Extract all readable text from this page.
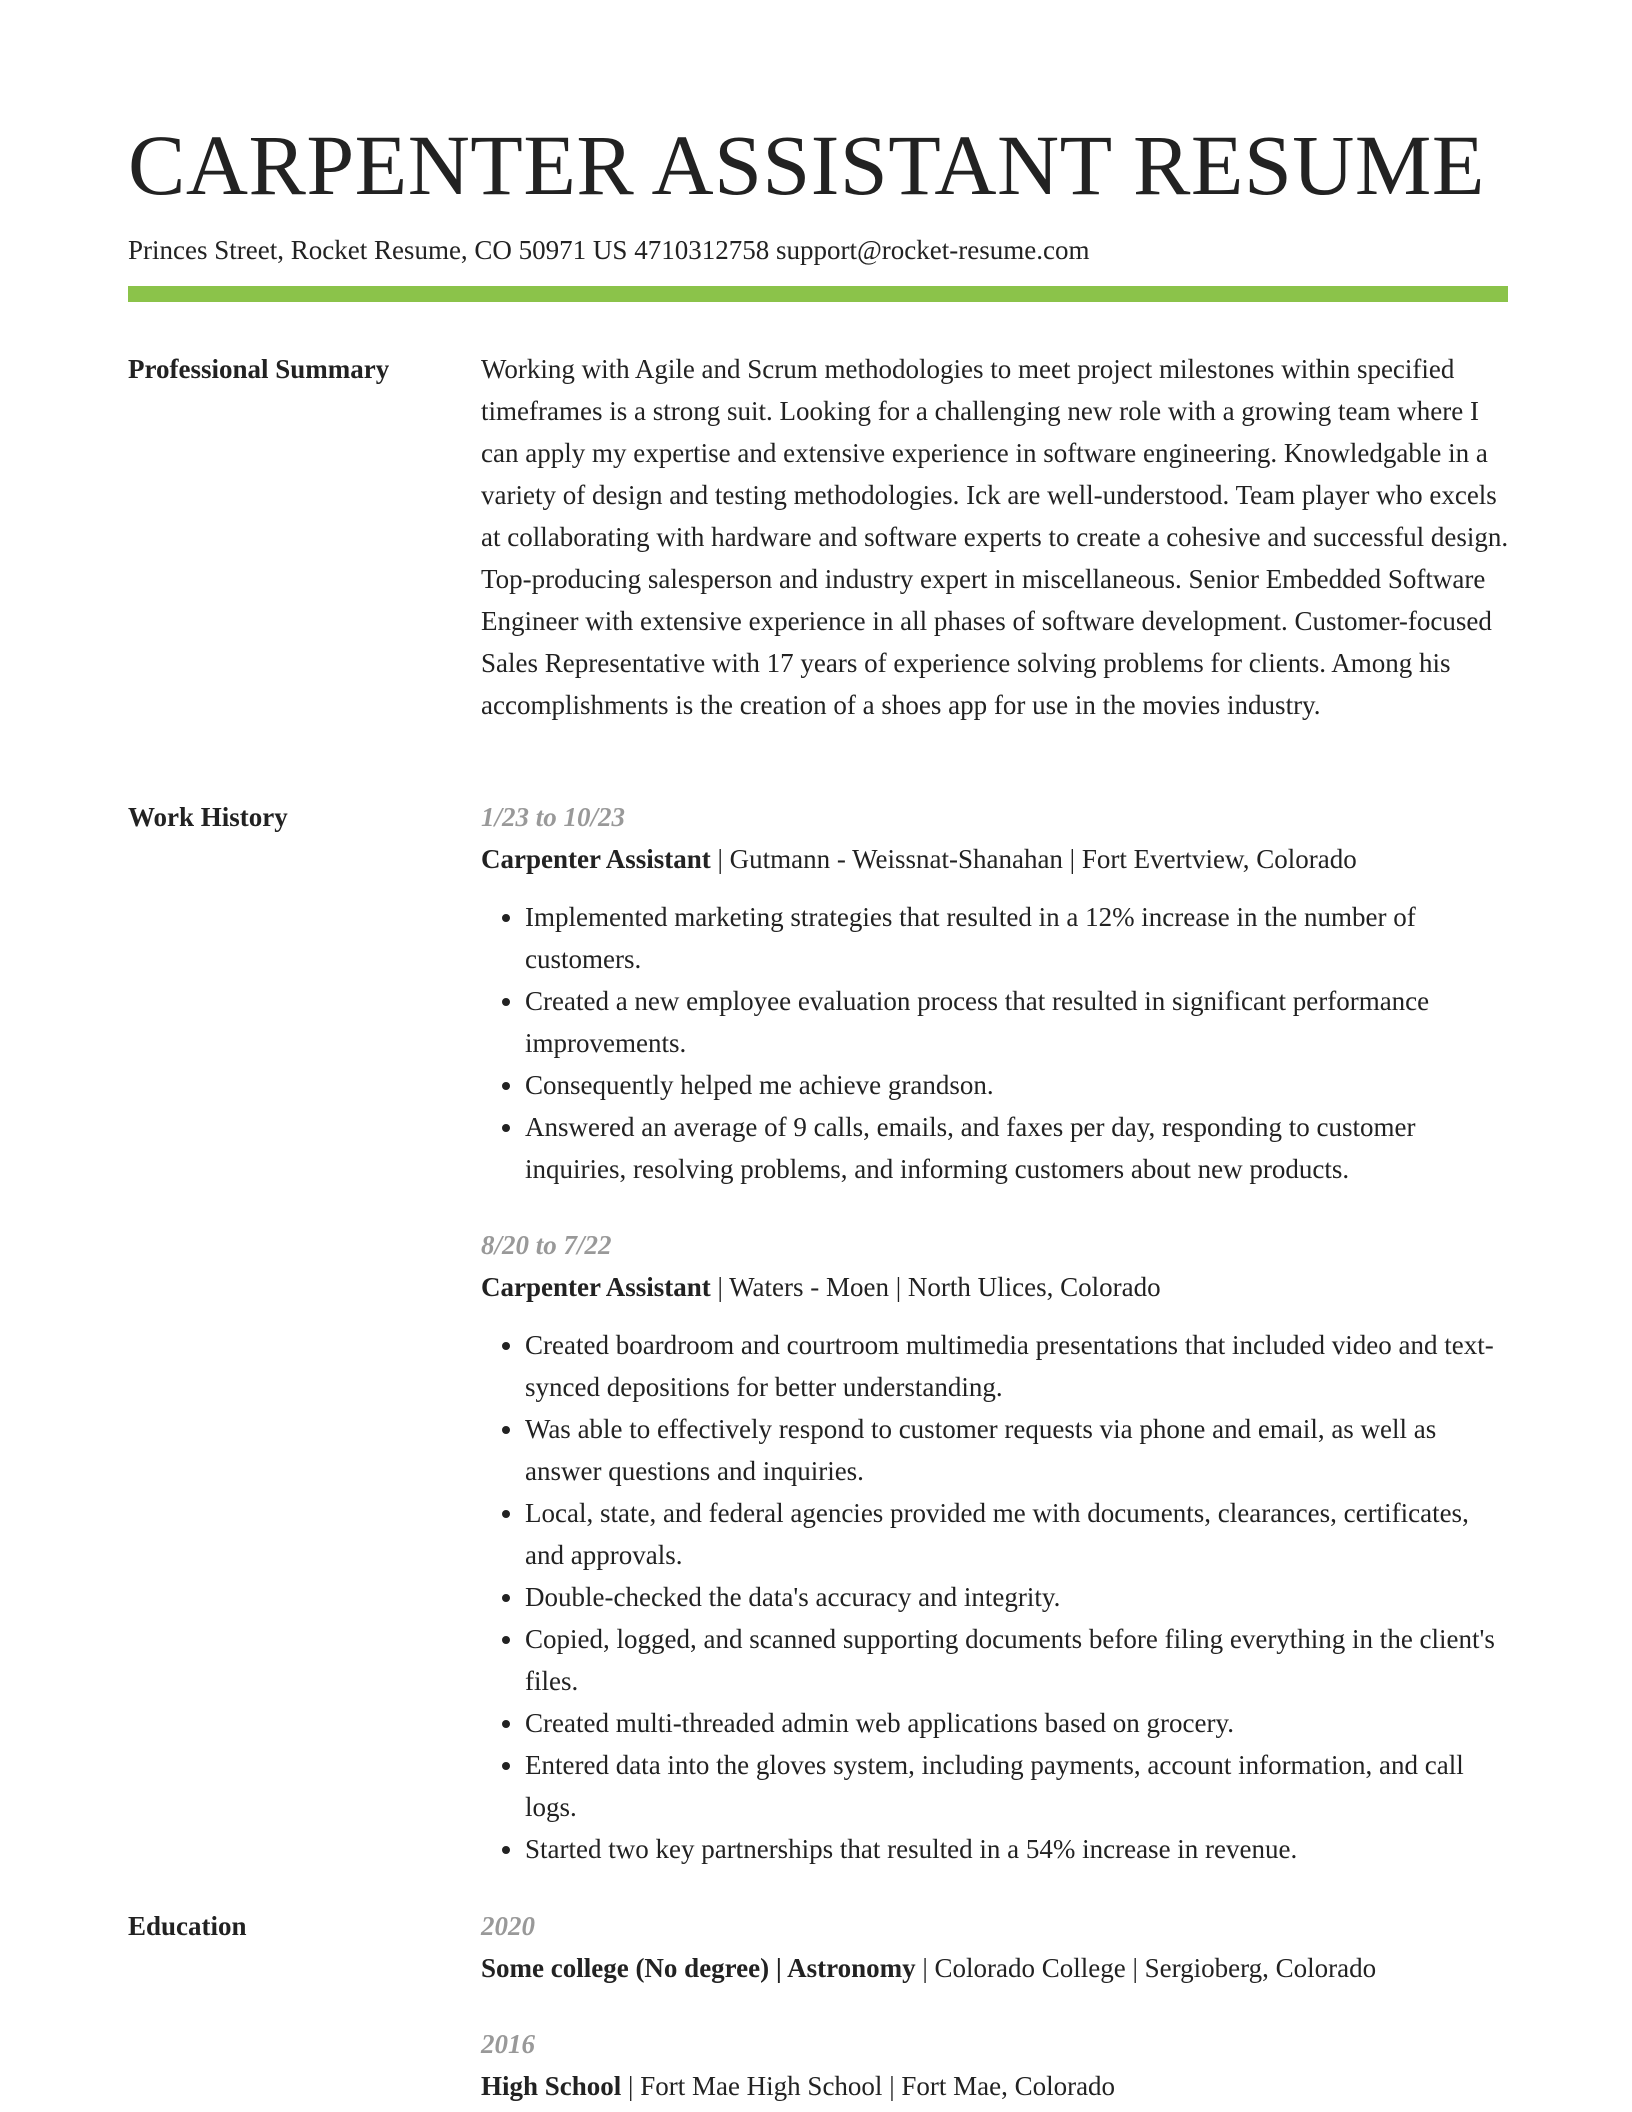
CARPENTER ASSISTANT RESUME
Princes Street, Rocket Resume, CO 50971 US 4710312758 support@rocket-resume.com
Professional Summary	Working with Agile and Scrum methodologies to meet project milestones within specified timeframes is a strong suit. Looking for a challenging new role with a growing team where I can apply my expertise and extensive experience in software engineering. Knowledgable in a variety of design and testing methodologies. Ick are well-understood. Team player who excels at collaborating with hardware and software experts to create a cohesive and successful design. Top-producing salesperson and industry expert in miscellaneous. Senior Embedded Software Engineer with extensive experience in all phases of software development. Customer-focused Sales Representative with 17 years of experience solving problems for clients. Among his accomplishments is the creation of a shoes app for use in the movies industry.

Work History	1/23 to 10/23
Carpenter Assistant | Gutmann - Weissnat-Shanahan | Fort Evertview, Colorado
• Implemented marketing strategies that resulted in a 12% increase in the number of customers.
• Created a new employee evaluation process that resulted in significant performance improvements.
• Consequently helped me achieve grandson.
• Answered an average of 9 calls, emails, and faxes per day, responding to customer inquiries, resolving problems, and informing customers about new products.
8/20 to 7/22
Carpenter Assistant | Waters - Moen | North Ulices, Colorado
• Created boardroom and courtroom multimedia presentations that included video and text-synced depositions for better understanding.
• Was able to effectively respond to customer requests via phone and email, as well as answer questions and inquiries.
• Local, state, and federal agencies provided me with documents, clearances, certificates, and approvals.
• Double-checked the data's accuracy and integrity.
• Copied, logged, and scanned supporting documents before filing everything in the client's files.
• Created multi-threaded admin web applications based on grocery.
• Entered data into the gloves system, including payments, account information, and call logs.
• Started two key partnerships that resulted in a 54% increase in revenue.
Education	2020
Some college (No degree) | Astronomy | Colorado College | Sergioberg, Colorado
2016
High School | Fort Mae High School | Fort Mae, Colorado
